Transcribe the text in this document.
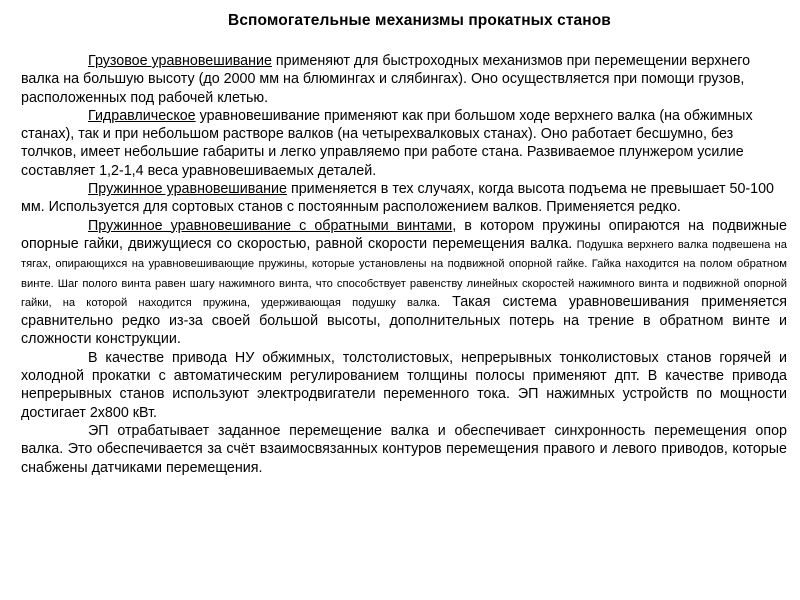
Вспомогательные механизмы прокатных станов

Грузовое уравновешивание применяют для быстроходных механизмов при перемещении верхнего валка на большую высоту (до 2000 мм на блюмингах и слябингах). Оно осуществляется при помощи грузов, расположенных под рабочей клетью.

Гидравлическое уравновешивание применяют как при большом ходе верхнего валка (на обжимных станах), так и при небольшом растворе валков (на четырехвалковых станах). Оно работает бесшумно, без толчков, имеет небольшие габариты и легко управляемо при работе стана. Развиваемое плунжером усилие составляет 1,2-1,4 веса уравновешиваемых деталей.

Пружинное уравновешивание применяется в тех случаях, когда высота подъема не превышает 50-100 мм. Используется для сортовых станов с постоянным расположением валков. Применяется редко.

Пружинное уравновешивание с обратными винтами, в котором пружины опираются на подвижные опорные гайки, движущиеся со скоростью, равной скорости перемещения валка. Подушка верхнего валка подвешена на тягах, опирающихся на уравновешивающие пружины, которые установлены на подвижной опорной гайке. Гайка находится на полом обратном винте. Шаг полого винта равен шагу нажимного винта, что способствует равенству линейных скоростей нажимного винта и подвижной опорной гайки, на которой находится пружина, удерживающая подушку валка. Такая система уравновешивания применяется сравнительно редко из-за своей большой высоты, дополнительных потерь на трение в обратном винте и сложности конструкции.

В качестве привода НУ обжимных, толстолистовых, непрерывных тонколистовых станов горячей и холодной прокатки с автоматическим регулированием толщины полосы применяют дпт. В качестве привода непрерывных станов используют электродвигатели переменного тока. ЭП нажимных устройств по мощности достигает 2х800 кВт.

ЭП отрабатывает заданное перемещение валка и обеспечивает синхронность перемещения опор валка. Это обеспечивается за счёт взаимосвязанных контуров перемещения правого и левого приводов, которые снабжены датчиками перемещения.
